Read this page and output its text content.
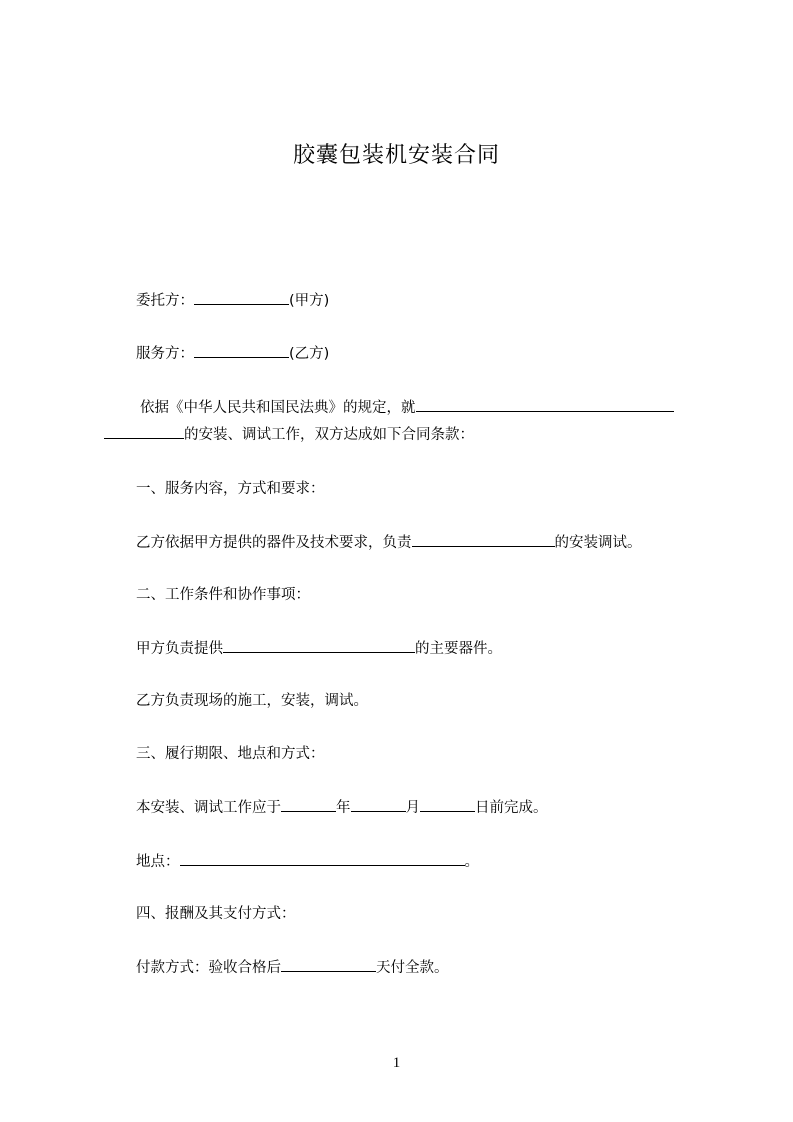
胶囊包装机安装合同
委托方：	(甲方)
服务方：	(乙方)
依据《中华人民共和国民法典》的规定，就
的安装、调试工作，双方达成如下合同条款：
一、服务内容，方式和要求：
乙方依据甲方提供的器件及技术要求，负责	的安装调试。
二、工作条件和协作事项：
甲方负责提供	的主要器件。
乙方负责现场的施工，安装，调试。
三、履行期限、地点和方式：
本安装、调试工作应于	年	月	日前完成。
地点：	。
四、报酬及其支付方式：
付款方式：验收合格后	天付全款。
1
